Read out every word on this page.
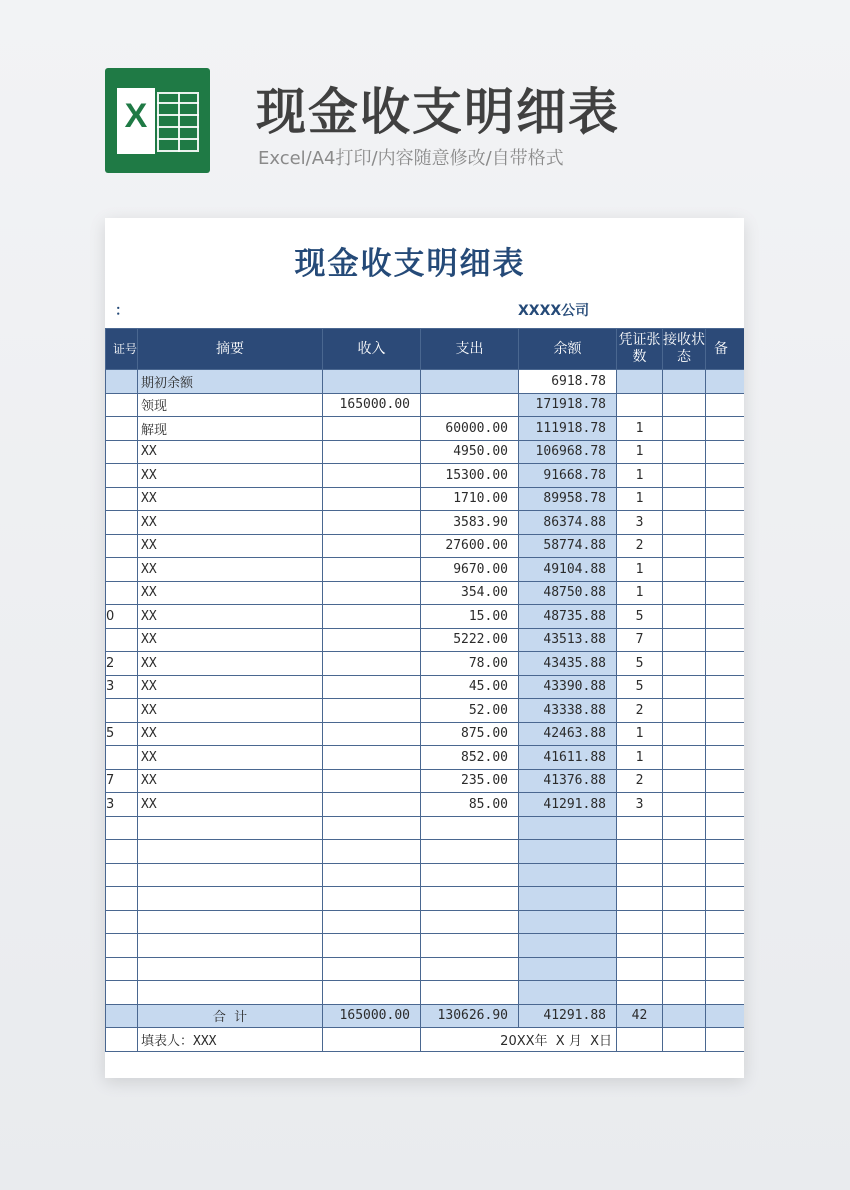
X 现金收支明细表
Excel/A4打印/内容随意修改/自带格式
现金收支明细表
：	XXXX公司
证号	摘要	收入	支出	余额	凭证张数	接收状态	备
	期初余额			6918.78			
	领现	165000.00		171918.78			
	解现		60000.00	111918.78	1		
	XX		4950.00	106968.78	1		
	XX		15300.00	91668.78	1		
	XX		1710.00	89958.78	1		
	XX		3583.90	86374.88	3		
	XX		27600.00	58774.88	2		
	XX		9670.00	49104.88	1		
	XX		354.00	48750.88	1		
0	XX		15.00	48735.88	5		
	XX		5222.00	43513.88	7		
2	XX		78.00	43435.88	5		
3	XX		45.00	43390.88	5		
	XX		52.00	43338.88	2		
5	XX		875.00	42463.88	1		
	XX		852.00	41611.88	1		
7	XX		235.00	41376.88	2		
3	XX		85.00	41291.88	3		

	合  计	165000.00	130626.90	41291.88	42		
	填表人：XXX		20XX年  X 月  X日				
